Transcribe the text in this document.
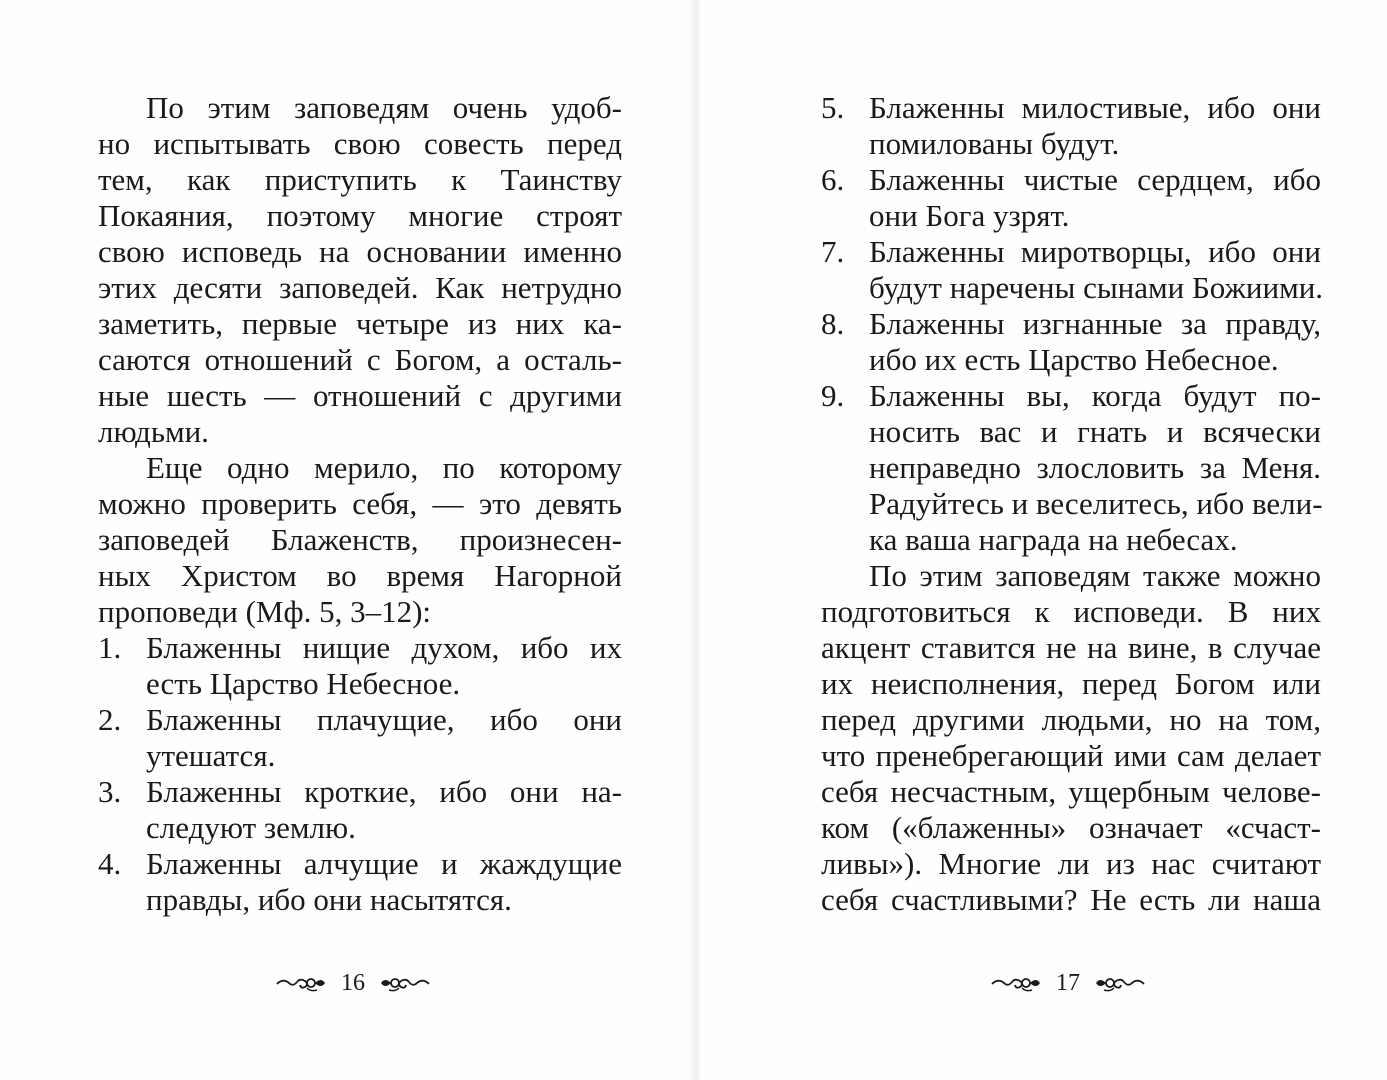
По этим заповедям очень удоб-
но испытывать свою совесть перед
тем, как приступить к Таинству
Покаяния, поэтому многие строят
свою исповедь на основании именно
этих десяти заповедей. Как нетрудно
заметить, первые четыре из них ка-
саются отношений с Богом, а осталь-
ные шесть — отношений с другими
людьми.
Еще одно мерило, по которому
можно проверить себя, — это девять
заповедей Блаженств, произнесен-
ных Христом во время Нагорной
проповеди (Мф. 5, 3–12):
1. Блаженны нищие духом, ибо их
есть Царство Небесное.
2. Блаженны плачущие, ибо они
утешатся.
3. Блаженны кроткие, ибо они на-
следуют землю.
4. Блаженны алчущие и жаждущие
правды, ибо они насытятся.
5. Блаженны милостивые, ибо они
помилованы будут.
6. Блаженны чистые сердцем, ибо
они Бога узрят.
7. Блаженны миротворцы, ибо они
будут наречены сынами Божиими.
8. Блаженны изгнанные за правду,
ибо их есть Царство Небесное.
9. Блаженны вы, когда будут по-
носить вас и гнать и всячески
неправедно злословить за Меня.
Радуйтесь и веселитесь, ибо вели-
ка ваша награда на небесах.
По этим заповедям также можно
подготовиться к исповеди. В них
акцент ставится не на вине, в случае
их неисполнения, перед Богом или
перед другими людьми, но на том,
что пренебрегающий ими сам делает
себя несчастным, ущербным челове-
ком («блаженны» означает «счаст-
ливы»). Многие ли из нас считают
себя счастливыми? Не есть ли наша
16	17
